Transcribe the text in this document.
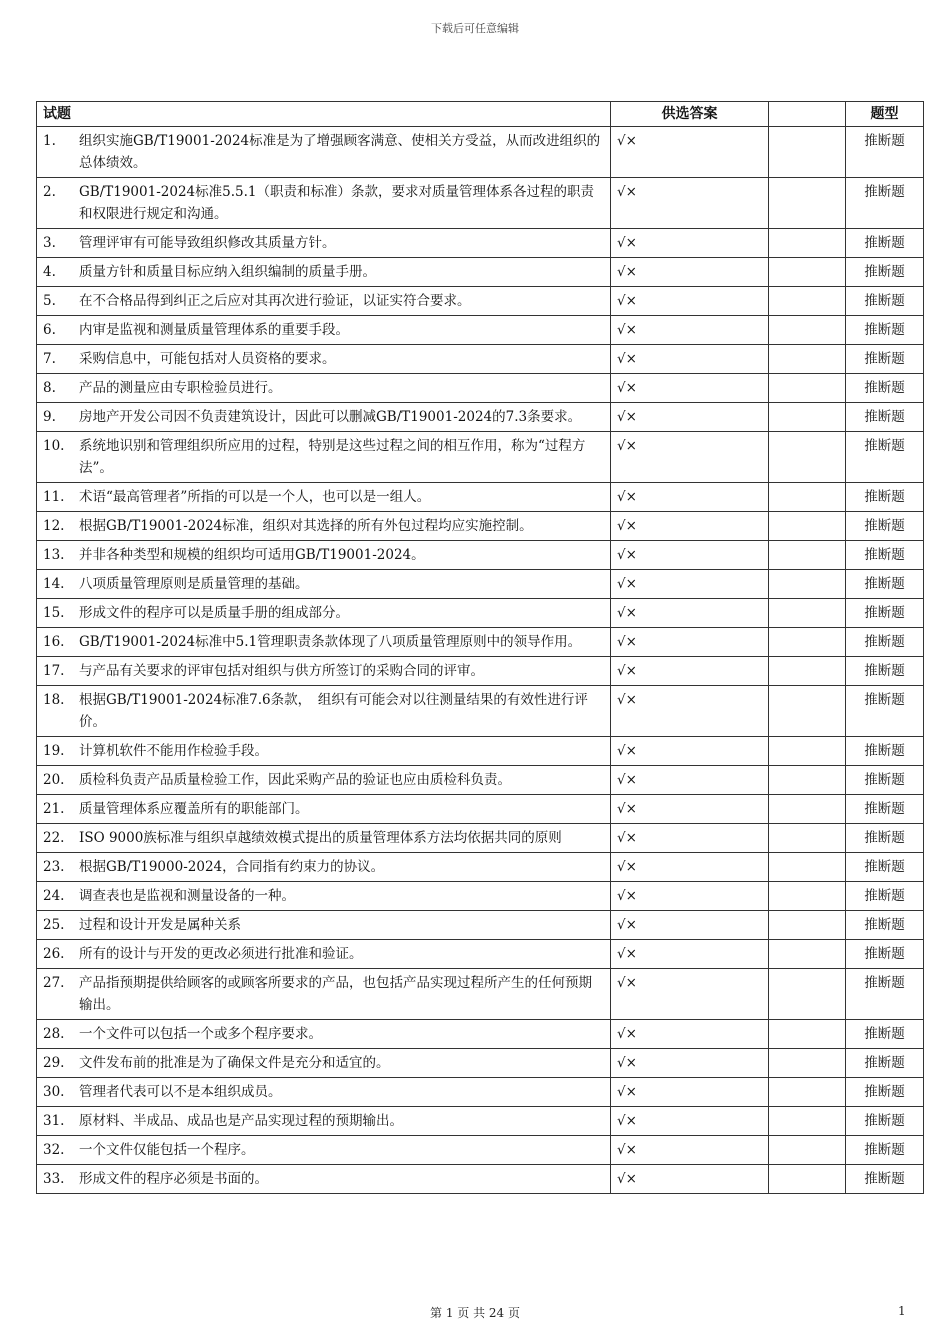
下载后可任意编辑
试题	供选答案		题型

1. 组织实施GB/T19001-2024标准是为了增强顾客满意、使相关方受益，从而改进组织的总体绩效。	√×		推断题

2. GB/T19001-2024标准5.5.1（职责和标准）条款，要求对质量管理体系各过程的职责和权限进行规定和沟通。	√×		推断题

3. 管理评审有可能导致组织修改其质量方针。	√×		推断题

4. 质量方针和质量目标应纳入组织编制的质量手册。	√×		推断题

5. 在不合格品得到纠正之后应对其再次进行验证，以证实符合要求。	√×		推断题

6. 内审是监视和测量质量管理体系的重要手段。	√×		推断题

7. 采购信息中，可能包括对人员资格的要求。	√×		推断题

8. 产品的测量应由专职检验员进行。	√×		推断题

9. 房地产开发公司因不负责建筑设计，因此可以删减GB/T19001-2024的7.3条要求。	√×		推断题

10. 系统地识别和管理组织所应用的过程，特别是这些过程之间的相互作用，称为“过程方法”。	√×		推断题

11. 术语“最高管理者”所指的可以是一个人，也可以是一组人。	√×		推断题

12. 根据GB/T19001-2024标准，组织对其选择的所有外包过程均应实施控制。	√×		推断题

13. 并非各种类型和规模的组织均可适用GB/T19001-2024。	√×		推断题

14. 八项质量管理原则是质量管理的基础。	√×		推断题

15. 形成文件的程序可以是质量手册的组成部分。	√×		推断题

16. GB/T19001-2024标准中5.1管理职责条款体现了八项质量管理原则中的领导作用。	√×		推断题

17. 与产品有关要求的评审包括对组织与供方所签订的采购合同的评审。	√×		推断题

18. 根据GB/T19001-2024标准7.6条款，　组织有可能会对以往测量结果的有效性进行评价。	√×		推断题

19. 计算机软件不能用作检验手段。	√×		推断题

20. 质检科负责产品质量检验工作，因此采购产品的验证也应由质检科负责。	√×		推断题

21. 质量管理体系应覆盖所有的职能部门。	√×		推断题

22. ISO 9000族标准与组织卓越绩效模式提出的质量管理体系方法均依据共同的原则	√×		推断题

23. 根据GB/T19000-2024，合同指有约束力的协议。	√×		推断题

24. 调查表也是监视和测量设备的一种。	√×		推断题

25. 过程和设计开发是属种关系	√×		推断题

26. 所有的设计与开发的更改必须进行批准和验证。	√×		推断题

27. 产品指预期提供给顾客的或顾客所要求的产品，也包括产品实现过程所产生的任何预期输出。	√×		推断题

28. 一个文件可以包括一个或多个程序要求。	√×		推断题

29. 文件发布前的批准是为了确保文件是充分和适宜的。	√×		推断题

30. 管理者代表可以不是本组织成员。	√×		推断题

31. 原材料、半成品、成品也是产品实现过程的预期输出。	√×		推断题

32. 一个文件仅能包括一个程序。	√×		推断题

33. 形成文件的程序必须是书面的。	√×		推断题
第 1 页 共 24 页	1
